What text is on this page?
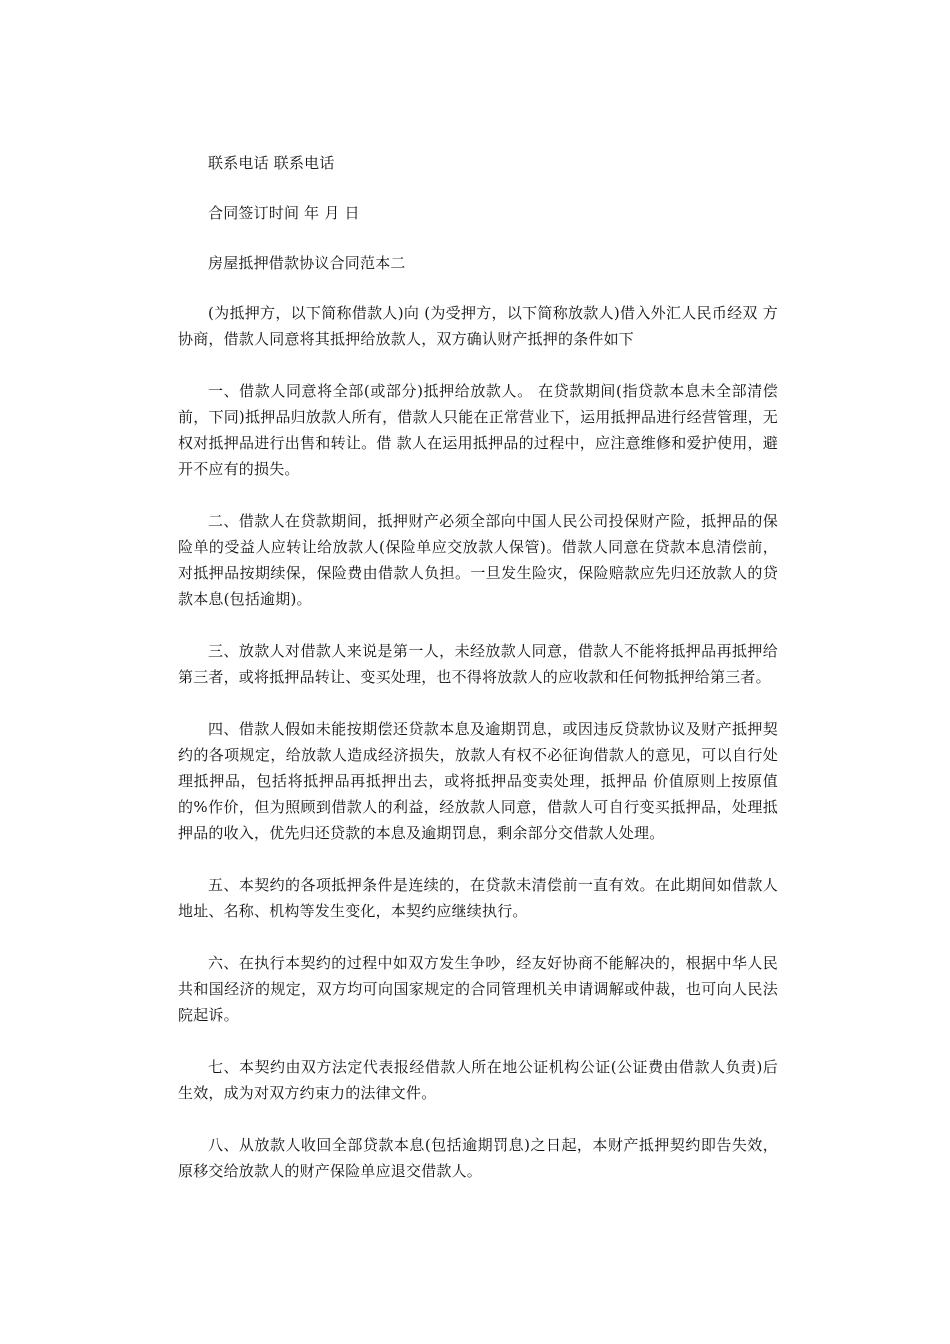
联系电话 联系电话

合同签订时间 年 月 日

房屋抵押借款协议合同范本二

(为抵押方，以下简称借款人)向 (为受押方，以下简称放款人)借入外汇人民币经双 方协商，借款人同意将其抵押给放款人，双方确认财产抵押的条件如下

一、借款人同意将全部(或部分)抵押给放款人。 在贷款期间(指贷款本息未全部清偿前，下同)抵押品归放款人所有，借款人只能在正常营业下，运用抵押品进行经营管理，无权对抵押品进行出售和转让。借 款人在运用抵押品的过程中，应注意维修和爱护使用，避开不应有的损失。

二、借款人在贷款期间，抵押财产必须全部向中国人民公司投保财产险，抵押品的保险单的受益人应转让给放款人(保险单应交放款人保管)。借款人同意在贷款本息清偿前，对抵押品按期续保，保险费由借款人负担。一旦发生险灾，保险赔款应先归还放款人的贷款本息(包括逾期)。

三、放款人对借款人来说是第一人，未经放款人同意，借款人不能将抵押品再抵押给第三者，或将抵押品转让、变买处理，也不得将放款人的应收款和任何物抵押给第三者。

四、借款人假如未能按期偿还贷款本息及逾期罚息，或因违反贷款协议及财产抵押契约的各项规定，给放款人造成经济损失，放款人有权不必征询借款人的意见，可以自行处理抵押品，包括将抵押品再抵押出去，或将抵押品变卖处理，抵押品 价值原则上按原值的%作价，但为照顾到借款人的利益，经放款人同意，借款人可自行变买抵押品，处理抵押品的收入，优先归还贷款的本息及逾期罚息，剩余部分交借款人处理。

五、本契约的各项抵押条件是连续的，在贷款未清偿前一直有效。在此期间如借款人地址、名称、机构等发生变化，本契约应继续执行。

六、在执行本契约的过程中如双方发生争吵，经友好协商不能解决的，根据中华人民共和国经济的规定，双方均可向国家规定的合同管理机关申请调解或仲裁，也可向人民法院起诉。

七、本契约由双方法定代表报经借款人所在地公证机构公证(公证费由借款人负责)后生效，成为对双方约束力的法律文件。

八、从放款人收回全部贷款本息(包括逾期罚息)之日起，本财产抵押契约即告失效，原移交给放款人的财产保险单应退交借款人。
